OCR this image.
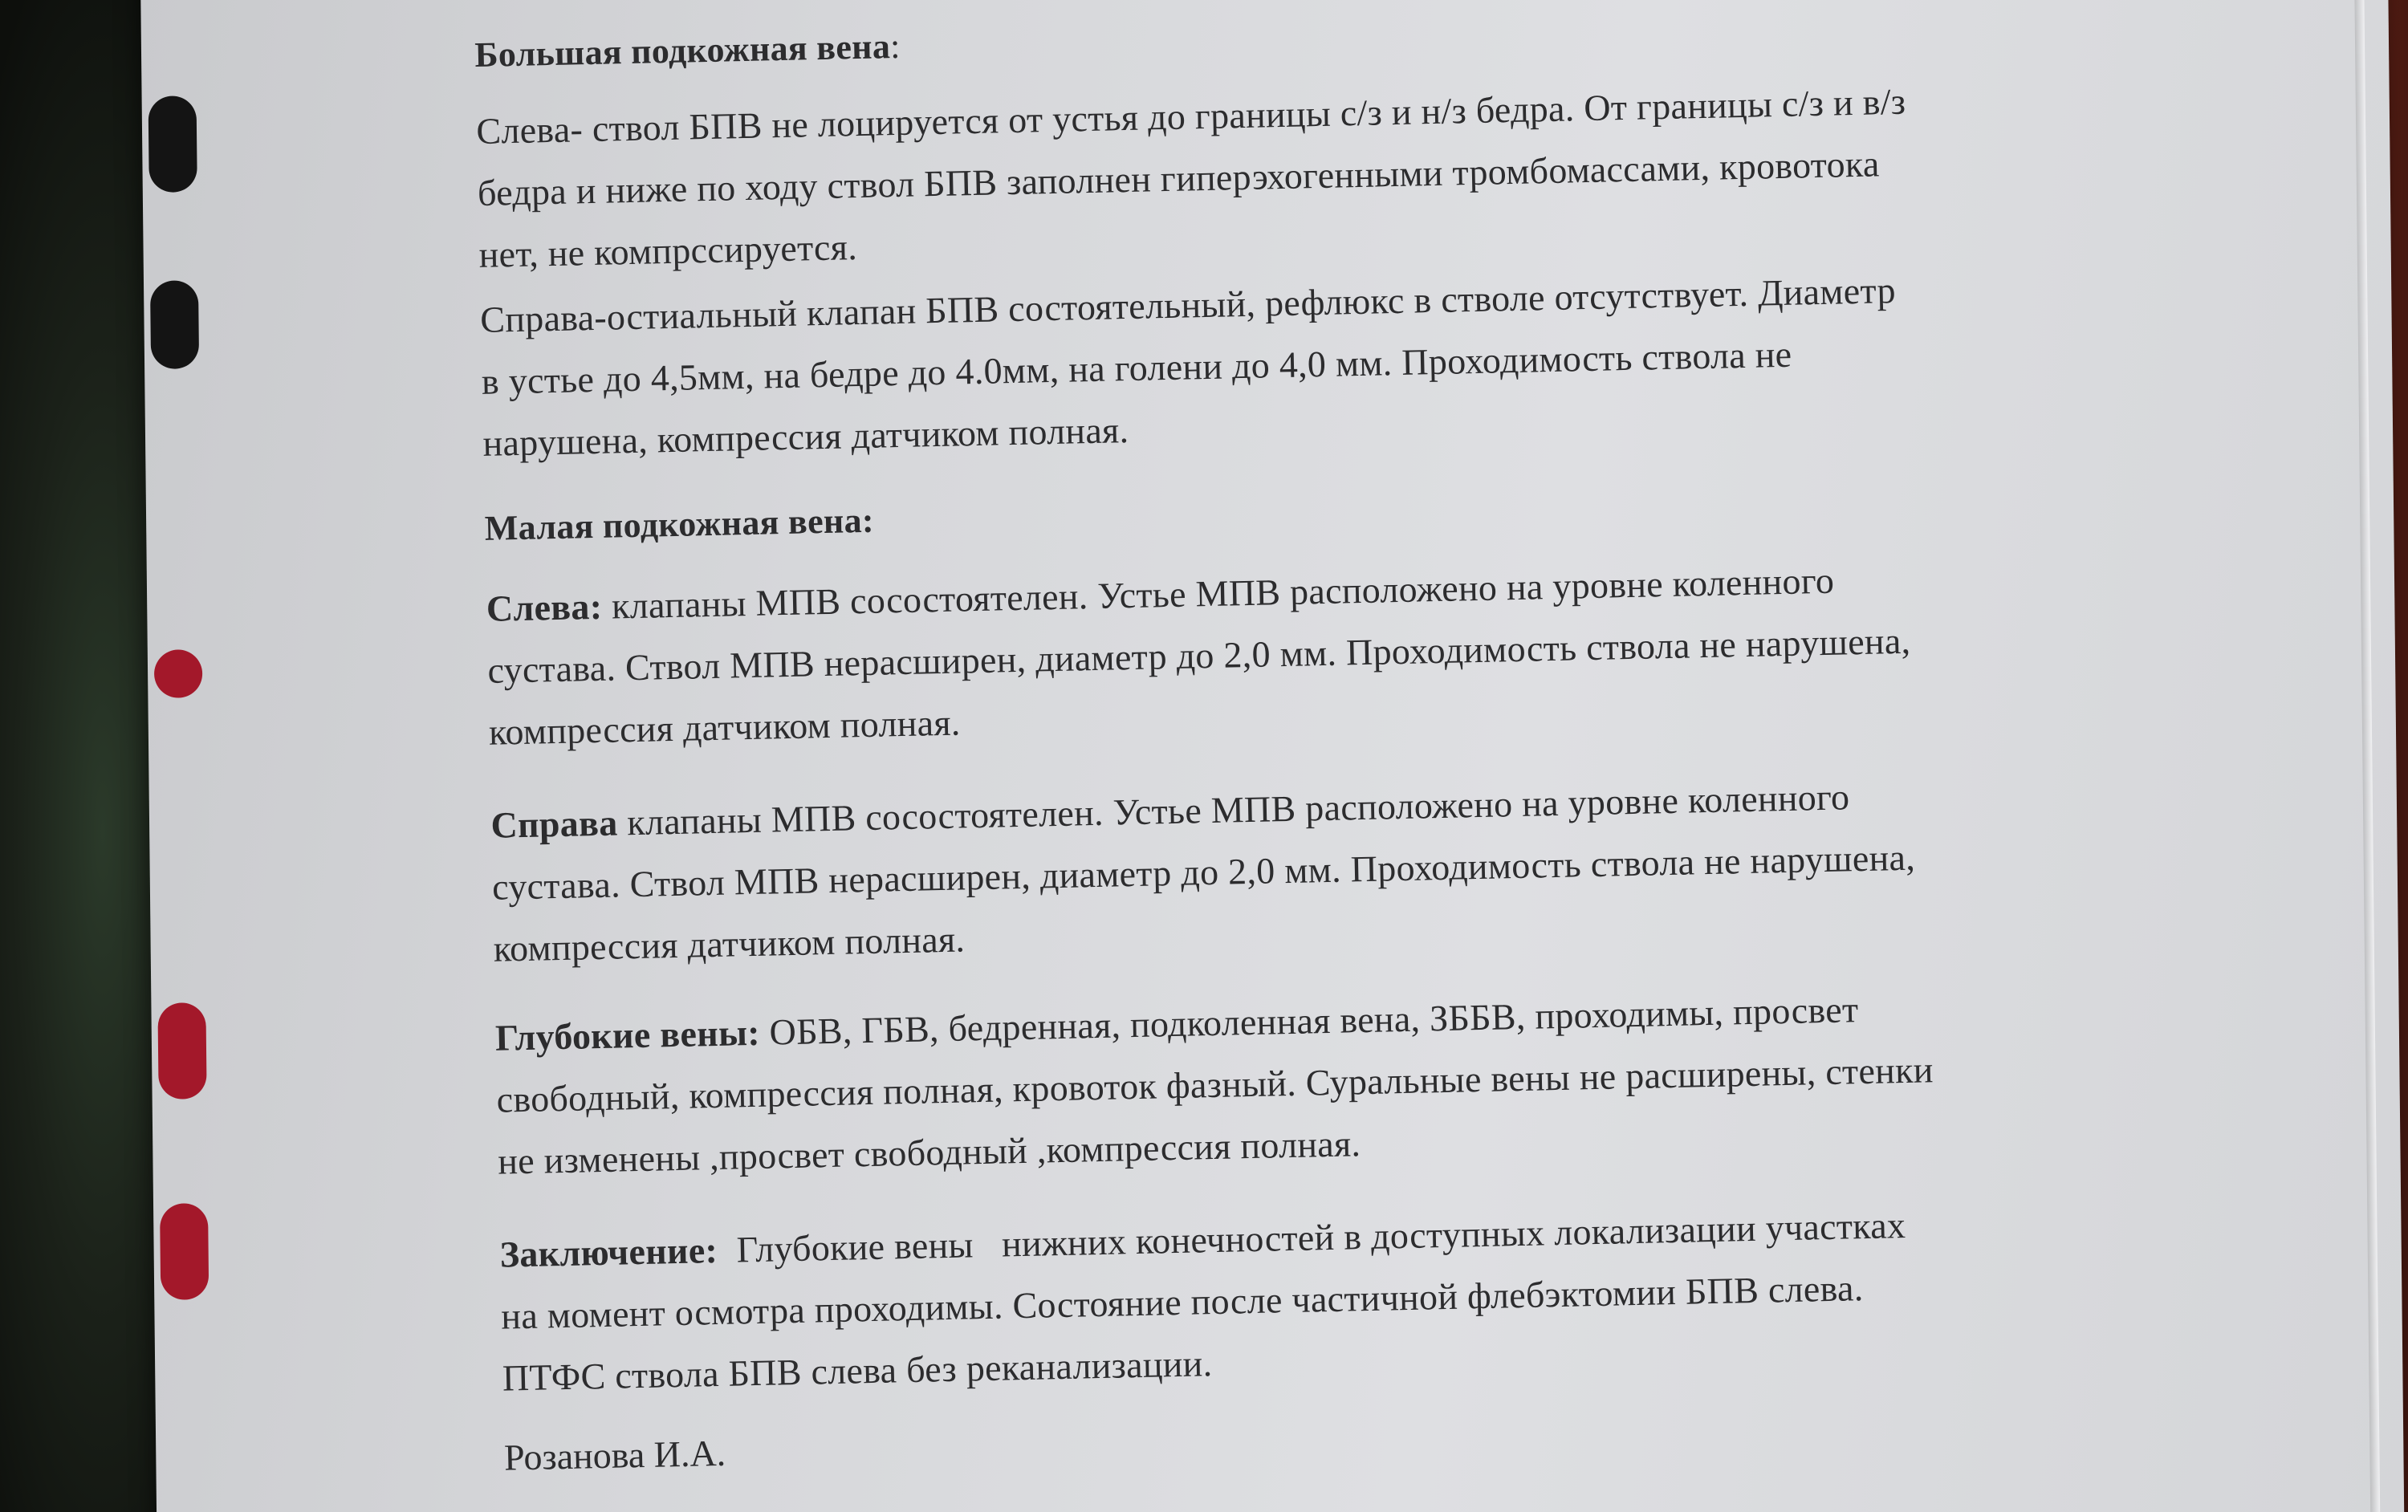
Большая подкожная вена:
Слева- ствол БПВ не лоцируется от устья до границы с/з и н/з бедра. От границы с/з и в/з
бедра и ниже по ходу ствол БПВ заполнен гиперэхогенными тромбомассами, кровотока
нет, не компрссируется.
Справа-остиальный клапан БПВ состоятельный, рефлюкс в стволе отсутствует. Диаметр
в устье до 4,5мм, на бедре до 4.0мм, на голени до 4,0 мм. Проходимость ствола не
нарушена, компрессия датчиком полная.
Малая подкожная вена:
Слева: клапаны МПВ сосостоятелен. Устье МПВ расположено на уровне коленного
сустава. Ствол МПВ нерасширен, диаметр до 2,0 мм. Проходимость ствола не нарушена,
компрессия датчиком полная.
Справа клапаны МПВ сосостоятелен. Устье МПВ расположено на уровне коленного
сустава. Ствол МПВ нерасширен, диаметр до 2,0 мм. Проходимость ствола не нарушена,
компрессия датчиком полная.
Глубокие вены: ОБВ, ГБВ, бедренная, подколенная вена, ЗББВ, проходимы, просвет
свободный, компрессия полная, кровоток фазный. Суральные вены не расширены, стенки
не изменены ,просвет свободный ,компрессия полная.
Заключение:  Глубокие вены   нижних конечностей в доступных локализации участках
на момент осмотра проходимы. Состояние после частичной флебэктомии БПВ слева.
ПТФС ствола БПВ слева без реканализации.
Розанова И.А.
